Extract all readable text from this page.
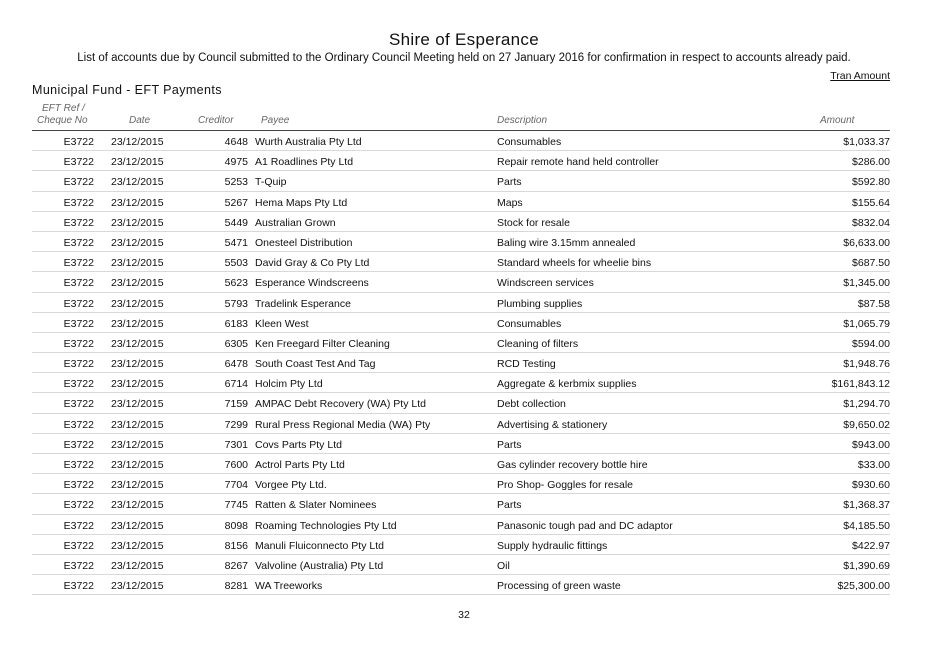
Shire of Esperance
List of accounts due by Council submitted to the Ordinary Council Meeting held on 27 January 2016 for confirmation in respect to accounts already paid.
Tran Amount
Municipal Fund - EFT Payments
EFT Ref /
Cheque No	Date	Creditor	Payee	Description	Amount
E3722 23/12/2015	4648 Wurth Australia Pty Ltd	Consumables	$1,033.37
E3722 23/12/2015	4975 A1 Roadlines Pty Ltd	Repair remote hand held controller	$286.00
E3722 23/12/2015	5253 T-Quip	Parts	$592.80
E3722 23/12/2015	5267 Hema Maps Pty Ltd	Maps	$155.64
E3722 23/12/2015	5449 Australian Grown	Stock for resale	$832.04
E3722 23/12/2015	5471 Onesteel Distribution	Baling wire 3.15mm annealed	$6,633.00
E3722 23/12/2015	5503 David Gray & Co Pty Ltd	Standard wheels for wheelie bins	$687.50
E3722 23/12/2015	5623 Esperance Windscreens	Windscreen services	$1,345.00
E3722 23/12/2015	5793 Tradelink Esperance	Plumbing supplies	$87.58
E3722 23/12/2015	6183 Kleen West	Consumables	$1,065.79
E3722 23/12/2015	6305 Ken Freegard Filter Cleaning	Cleaning of filters	$594.00
E3722 23/12/2015	6478 South Coast Test And Tag	RCD Testing	$1,948.76
E3722 23/12/2015	6714 Holcim Pty Ltd	Aggregate & kerbmix supplies	$161,843.12
E3722 23/12/2015	7159 AMPAC Debt Recovery (WA) Pty Ltd	Debt collection	$1,294.70
E3722 23/12/2015	7299 Rural Press Regional Media (WA) Pty	Advertising & stationery	$9,650.02
E3722 23/12/2015	7301 Covs Parts Pty Ltd	Parts	$943.00
E3722 23/12/2015	7600 Actrol Parts Pty Ltd	Gas cylinder recovery bottle hire	$33.00
E3722 23/12/2015	7704 Vorgee Pty Ltd.	Pro Shop- Goggles for resale	$930.60
E3722 23/12/2015	7745 Ratten & Slater Nominees	Parts	$1,368.37
E3722 23/12/2015	8098 Roaming Technologies Pty Ltd	Panasonic tough pad and DC adaptor	$4,185.50
E3722 23/12/2015	8156 Manuli Fluiconnecto Pty Ltd	Supply hydraulic fittings	$422.97
E3722 23/12/2015	8267 Valvoline (Australia) Pty Ltd	Oil	$1,390.69
E3722 23/12/2015	8281 WA Treeworks	Processing of green waste	$25,300.00
32
